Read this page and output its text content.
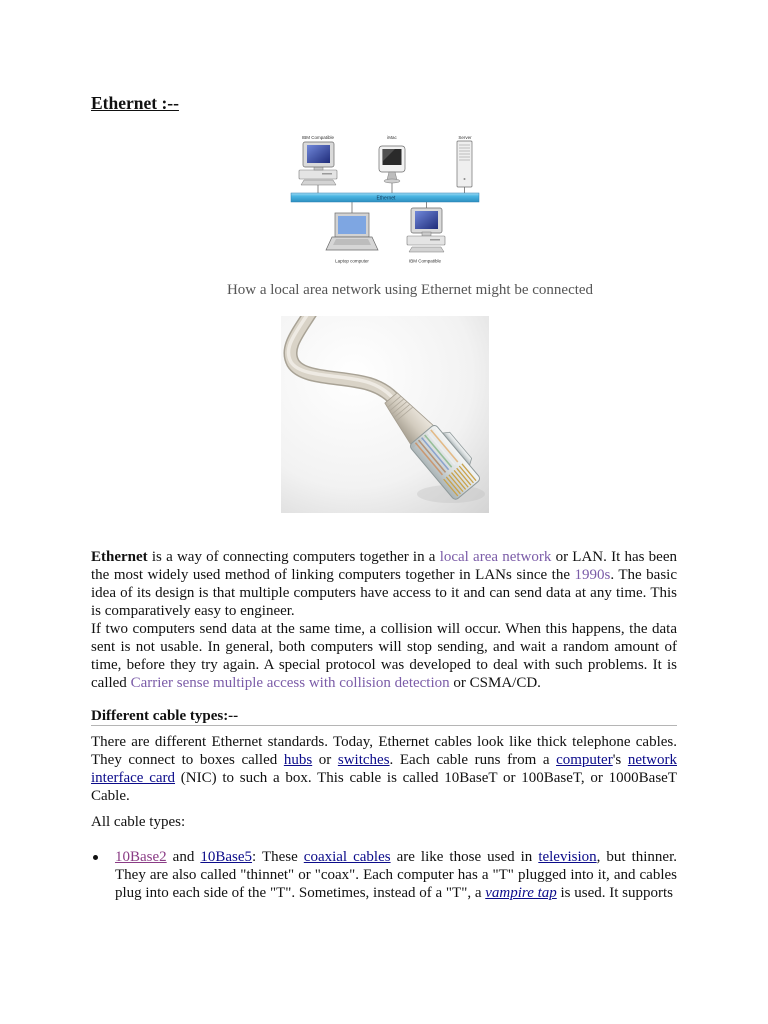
Ethernet :--
Ethernet
IBM Compatible	iMac	Server
Laptop computer	IBM Compatible
How a local area network using Ethernet might be connected

Ethernet is a way of connecting computers together in a local area network or LAN. It has been the most widely used method of linking computers together in LANs since the 1990s. The basic idea of its design is that multiple computers have access to it and can send data at any time. This is comparatively easy to engineer.

If two computers send data at the same time, a collision will occur. When this happens, the data sent is not usable. In general, both computers will stop sending, and wait a random amount of time, before they try again. A special protocol was developed to deal with such problems. It is called Carrier sense multiple access with collision detection or CSMA/CD.

Different cable types:--

There are different Ethernet standards. Today, Ethernet cables look like thick telephone cables. They connect to boxes called hubs or switches. Each cable runs from a computer's network interface card (NIC) to such a box. This cable is called 10BaseT or 100BaseT, or 1000BaseT Cable.

All cable types:

10Base2 and 10Base5: These coaxial cables are like those used in television, but thinner. They are also called "thinnet" or "coax". Each computer has a "T" plugged into it, and cables plug into each side of the "T". Sometimes, instead of a "T", a vampire tap is used. It supports
